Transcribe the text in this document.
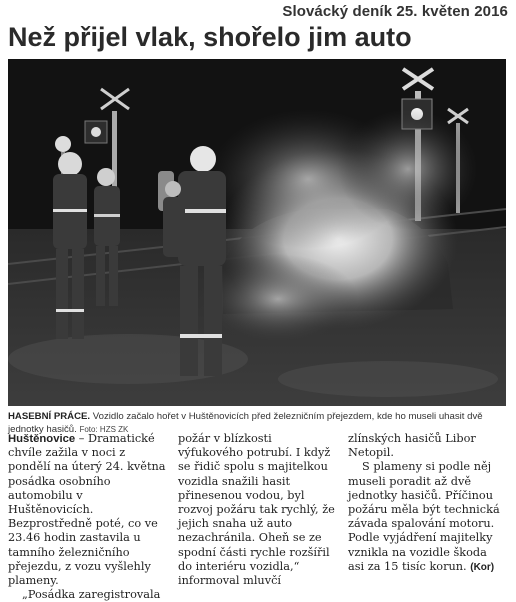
Slovácký deník 25. květen 2016
Než přijel vlak, shořelo jim auto
HASEBNÍ PRÁCE. Vozidlo začalo hořet v Huštěnovicích před železničním přejezdem, kde ho museli uhasit dvě jednotky hasičů. Foto: HZS ZK

Huštěnovice – Dramatické chvíle zažila v noci z pondělí na úterý 24. května posádka osobního automobilu v Huštěnovicích. Bezprostředně poté, co ve 23.46 hodin zastavila u tamního železničního přejezdu, z vozu vyšlehly plameny.

„Posádka zaregistrovala

požár v blízkosti výfukového potrubí. I když se řidič spolu s majitelkou vozidla snažili hasit přinesenou vodou, byl rozvoj požáru tak rychlý, že jejich snaha už auto nezachránila. Oheň se ze spodní části rychle rozšířil do interiéru vozidla,“ informoval mluvčí

zlínských hasičů Libor Netopil.

S plameny si podle něj museli poradit až dvě jednotky hasičů. Příčinou požáru měla být technická závada spalování motoru. Podle vyjádření majitelky vznikla na vozidle škoda asi za 15 tisíc korun. (Kor)
